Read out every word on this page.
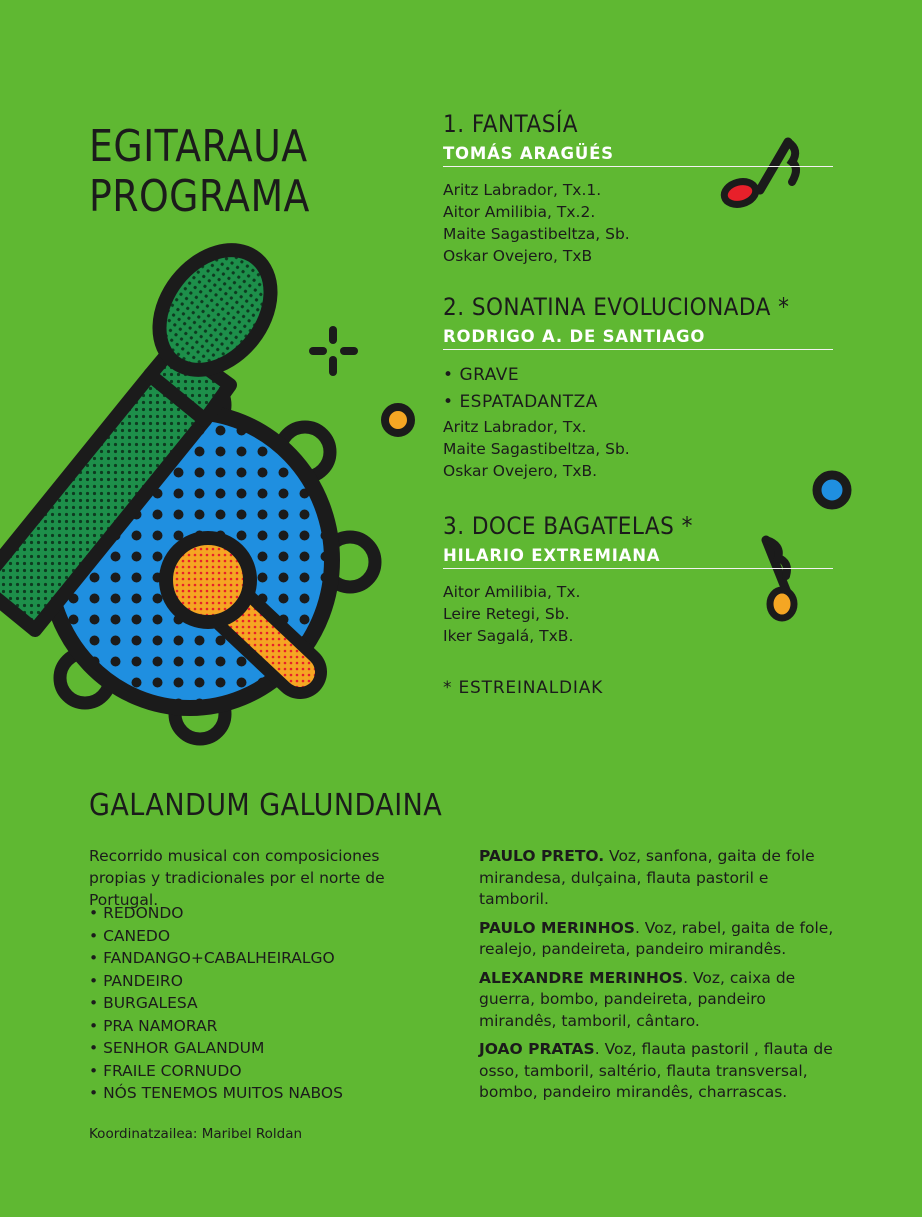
EGITARAUA
PROGRAMA
1. FANTASÍA
TOMÁS ARAGÜÉS
Aritz Labrador, Tx.1.
Aitor Amilibia, Tx.2.
Maite Sagastibeltza, Sb.
Oskar Ovejero, TxB
2. SONATINA EVOLUCIONADA *
RODRIGO A. DE SANTIAGO
• GRAVE
• ESPATADANTZA
Aritz Labrador, Tx.
Maite Sagastibeltza, Sb.
Oskar Ovejero, TxB.
3. DOCE BAGATELAS *
HILARIO EXTREMIANA
Aitor Amilibia, Tx.
Leire Retegi, Sb.
Iker Sagalá, TxB.
* ESTREINALDIAK
GALANDUM GALUNDAINA
Recorrido musical con composiciones propias y tradicionales por el norte de Portugal.
• REDONDO
• CANEDO
• FANDANGO+CABALHEIRALGO
• PANDEIRO
• BURGALESA
• PRA NAMORAR
• SENHOR GALANDUM
• FRAILE CORNUDO
• NÓS TENEMOS MUITOS NABOS
Koordinatzailea: Maribel Roldan

PAULO PRETO. Voz, sanfona, gaita de fole mirandesa, dulçaina, flauta pastoril e tamboril.

PAULO MERINHOS. Voz, rabel, gaita de fole, realejo, pandeireta, pandeiro mirandês.

ALEXANDRE MERINHOS. Voz, caixa de guerra, bombo, pandeireta, pandeiro mirandês, tamboril, cântaro.

JOAO PRATAS. Voz, flauta pastoril , flauta de osso, tamboril, saltério, flauta transversal, bombo, pandeiro mirandês, charrascas.
